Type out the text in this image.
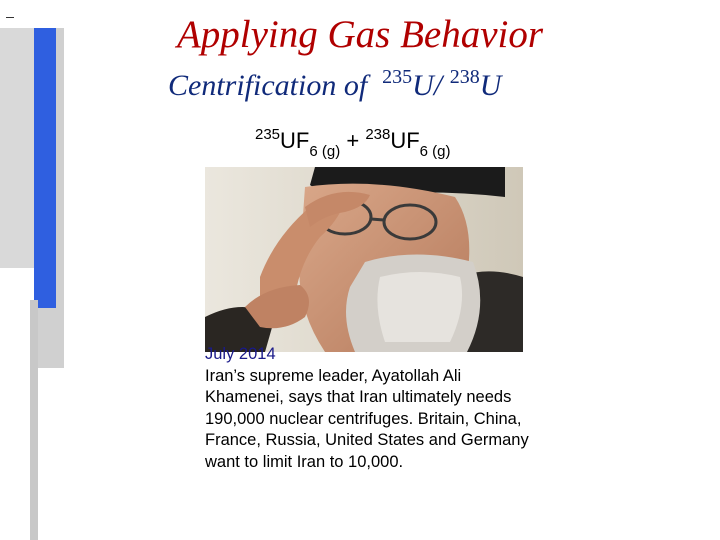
Applying Gas Behavior
Centrification of $^{235}$U/ $^{238}$U
$^{235}UF_{6 (g)} + ^{238}UF_{6 (g)}$
July 2014
Iran’s supreme leader, Ayatollah Ali Khamenei, says that Iran ultimately needs 190,000 nuclear centrifuges. Britain, China, France, Russia, United States and Germany want to limit Iran to 10,000.
